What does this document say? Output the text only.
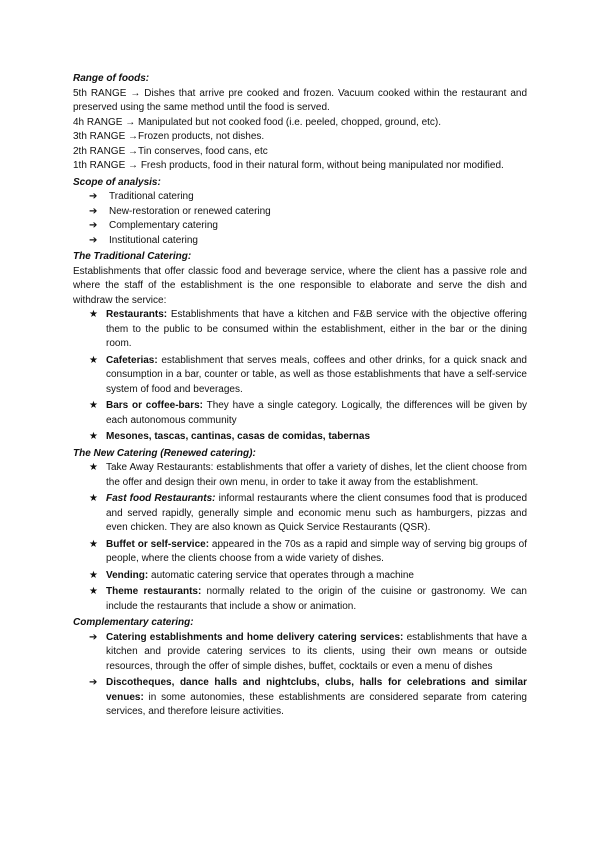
Range of foods:
5th RANGE → Dishes that arrive pre cooked and frozen. Vacuum cooked within the restaurant and preserved using the same method until the food is served.
4h RANGE → Manipulated but not cooked food (i.e. peeled, chopped, ground, etc).
3th RANGE →Frozen products, not dishes.
2th RANGE →Tin conserves, food cans, etc
1th RANGE → Fresh products, food in their natural form, without being manipulated nor modified.
Scope of analysis:
➔	Traditional catering
➔	New-restoration or renewed catering
➔	Complementary catering
➔	Institutional catering
The Traditional Catering:
Establishments that offer classic food and beverage service, where the client has a passive role and where the staff of the establishment is the one responsible to elaborate and serve the dish and withdraw the service:
★ Restaurants: Establishments that have a kitchen and F&B service with the objective offering them to the public to be consumed within the establishment, either in the bar or the dining room.
★ Cafeterias: establishment that serves meals, coffees and other drinks, for a quick snack and consumption in a bar, counter or table, as well as those establishments that have a self-service system of food and beverages.
★ Bars or coffee-bars: They have a single category. Logically, the differences will be given by each autonomous community
★ Mesones, tascas, cantinas, casas de comidas, tabernas
The New Catering (Renewed catering):
★ Take Away Restaurants: establishments that offer a variety of dishes, let the client choose from the offer and design their own menu, in order to take it away from the establishment.
★ Fast food Restaurants: informal restaurants where the client consumes food that is produced and served rapidly, generally simple and economic menu such as hamburgers, pizzas and even chicken. They are also known as Quick Service Restaurants (QSR).
★ Buffet or self-service: appeared in the 70s as a rapid and simple way of serving big groups of people, where the clients choose from a wide variety of dishes.
★ Vending: automatic catering service that operates through a machine
★ Theme restaurants: normally related to the origin of the cuisine or gastronomy. We can include the restaurants that include a show or animation.
Complementary catering:
➔ Catering establishments and home delivery catering services: establishments that have a kitchen and provide catering services to its clients, using their own means or outside resources, through the offer of simple dishes, buffet, cocktails or even a menu of dishes
➔ Discotheques, dance halls and nightclubs, clubs, halls for celebrations and similar venues: in some autonomies, these establishments are considered separate from catering services, and therefore leisure activities.
